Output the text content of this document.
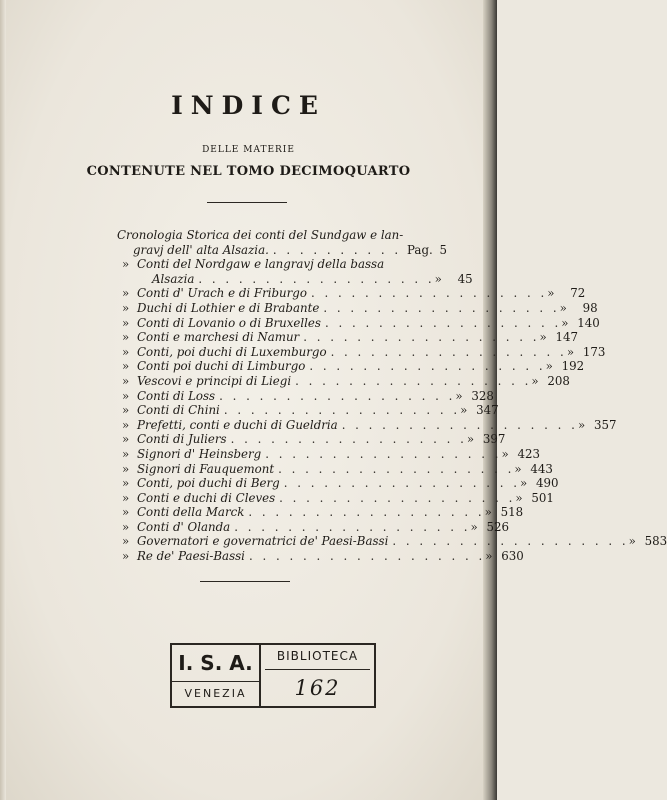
INDICE
DELLE MATERIE
CONTENUTE NEL TOMO DECIMOQUARTO
Cronologia Storica dei conti del Sundgaw e lan-
gravj dell' alta Alsazia. . . . . . . . . . . Pag. 5
» Conti del Nordgaw e langravj della bassa
Alsazia . . . . . . . . . . . . . . . . . . »	45
» Conti d' Urach e di Friburgo . . . . . . . . . . . . . . . . . . »	72
» Duchi di Lothier e di Brabante . . . . . . . . . . . . . . . . . . »	98
» Conti di Lovanio o di Bruxelles . . . . . . . . . . . . . . . . . . » 140
» Conti e marchesi di Namur . . . . . . . . . . . . . . . . . . » 147
» Conti, poi duchi di Luxemburgo . . . . . . . . . . . . . . . . . . » 173
» Conti poi duchi di Limburgo . . . . . . . . . . . . . . . . . . » 192
» Vescovi e principi di Liegi . . . . . . . . . . . . . . . . . . » 208
» Conti di Loss . . . . . . . . . . . . . . . . . . » 328
» Conti di Chini . . . . . . . . . . . . . . . . . . » 347
» Prefetti, conti e duchi di Gueldria . . . . . . . . . . . . . . . . . . » 357
» Conti di Juliers . . . . . . . . . . . . . . . . . . » 397
» Signori d' Heinsberg . . . . . . . . . . . . . . . . . . » 423
» Signori di Fauquemont . . . . . . . . . . . . . . . . . . » 443
» Conti, poi duchi di Berg . . . . . . . . . . . . . . . . . . » 490
» Conti e duchi di Cleves . . . . . . . . . . . . . . . . . . » 501
» Conti della Marck . . . . . . . . . . . . . . . . . . » 518
» Conti d' Olanda . . . . . . . . . . . . . . . . . . » 526
» Governatori e governatrici de' Paesi-Bassi . . . . . . . . . . . . . . . . . . » 583
» Re de' Paesi-Bassi . . . . . . . . . . . . . . . . . . » 630
I. S. A.
VENEZIA
BIBLIOTECA
162
